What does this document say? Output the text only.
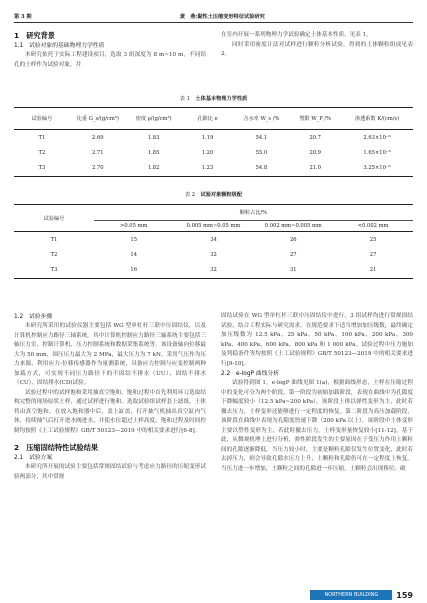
第 3 期	黄　燕:黏性土压缩变形特征试验研究
1　研究背景
1.1　试验对象的基础物理力学性质

本研究依托于实际工程建设项目，选取 3 组深度为 8 m~10 m，不同钻孔的土样作为试验对象，并

在室内开展一系列物理力学试验确定土体基本性质，见表 1。

同时采用密度计法对试样进行颗粒分析试验，得到的土体颗粒组成见表 2。

表 1 土体基本物理力学性质
试验编号	比重 G_s/(g/cm³)	密度 ρ/(g/cm³)	孔隙比 e	含水率 W_s /%	塑限 W_P /%	渗透系数 K/(cm/s)
T1	2.69	1.83	1.19	54.1	20.7	2.63×10⁻⁶
T2	2.71	1.85	1.20	55.0	20.9	1.65×10⁻⁶
T3	2.70	1.82	1.23	54.8	21.0	3.25×10⁻⁶
表 2 试验对象颗粒级配
试验编号	颗粒占比/%			
	>0.05 mm	0.005 mm~0.05 mm	0.002 mm~0.005 mm	<0.002 mm
T1	15	34	26	25
T2	14	32	27	27
T3	16	32	31	21
1.2　试验步骤

本研究所采用的试验仪器主要包括 WG 型单杠杆三联中压固结仪，以及计算机控制应力路径三轴系统。其中计算机控制应力路径三轴系统主要包括三轴压力室、控制计算机、压力控制系统和数据采集系统等。该设备轴向位移最大为 50 mm，围压压力最大为 2 MPa，最大压力为 7 kN，采用气压作为压力来源，利用应力-位移传感器作为量测系统，具备应力控制与应变控制两种加载方式，可实现不同压力路径下的不固结不排水（UU）、固结不排水（CU）、固结排水(CD)试验。

试验过程中的试样饱和采用抽真空饱和。饱和过程中首先利用环刀选取结构完整的现场原状土样，通过试样进行饱和。选取试验组试样套上滤纸，土体将由真空饱和，在放入饱和器中后，盖上缸盖，打开抽气机抽出真空缸内气体，持续抽气后打开进水阀进水，并使水位超过土样高度。饱和过程及时间控制均按照《土工试验规程》GB/T 50123—2019 中的相关要求进行[6-8]。

2　压缩固结特性试验结果
2.1　试验方案

本研究所开展的试验主要包括常规固结试验与考虑应力路径的压缩变形试验两部分，其中常规

固结试验在 WG 型单杠杆三联中压固结仪中进行，3 组试样均进行常规固结试验。结合工程实际与研究需求，在规范要求下适当增加加压级数，最终确定加压级数为 12.5 kPa、25 kPa、50 kPa、100 kPa、200 kPa、300 kPa、400 kPa、600 kPa、800 kPa 和 1 000 kPa。试验过程中压力施加及判稳条件等均按照《土工试验规程》GB/T 50123—2019 中的相关要求进行[9-10]。

2.2　e-logP 曲线分析

试验得到图 1，e-logP 曲线见图 1(a)，根据曲线形态，土样在压缩过程中的变化可分为两个阶段。第一阶段为初始加载阶段，表现在曲线中为孔隙度下降幅度较小（12.5 kPa~200 kPa），该阶段土体以弹性变形为主，此时若撤去压力，土样变形还能够进行一定程度的恢复。第二阶段为高压加载阶段，该阶段在曲线中表现为孔隙度快速下降（200 kPa 以上），该阶段中土体变形主要以塑性变形为主，若此时撤去压力，土样变形量恢复较小[11-12]。基于此，从微观机理上进行分析，弹性阶段发生的主要原因在于受压力作用土颗粒间的孔隙逐渐降低，当压力较小时，主要是颗粒孔隙仅发生位置变化，此时若去掉压力，则会导致孔隙水压力上升，土颗粒和孔隙仍可在一定程度上恢复。当压力进一步增加，土颗粒之间的孔隙进一步压缩，土颗粒会出现移位、破

NORTHERN BUILDING	159
